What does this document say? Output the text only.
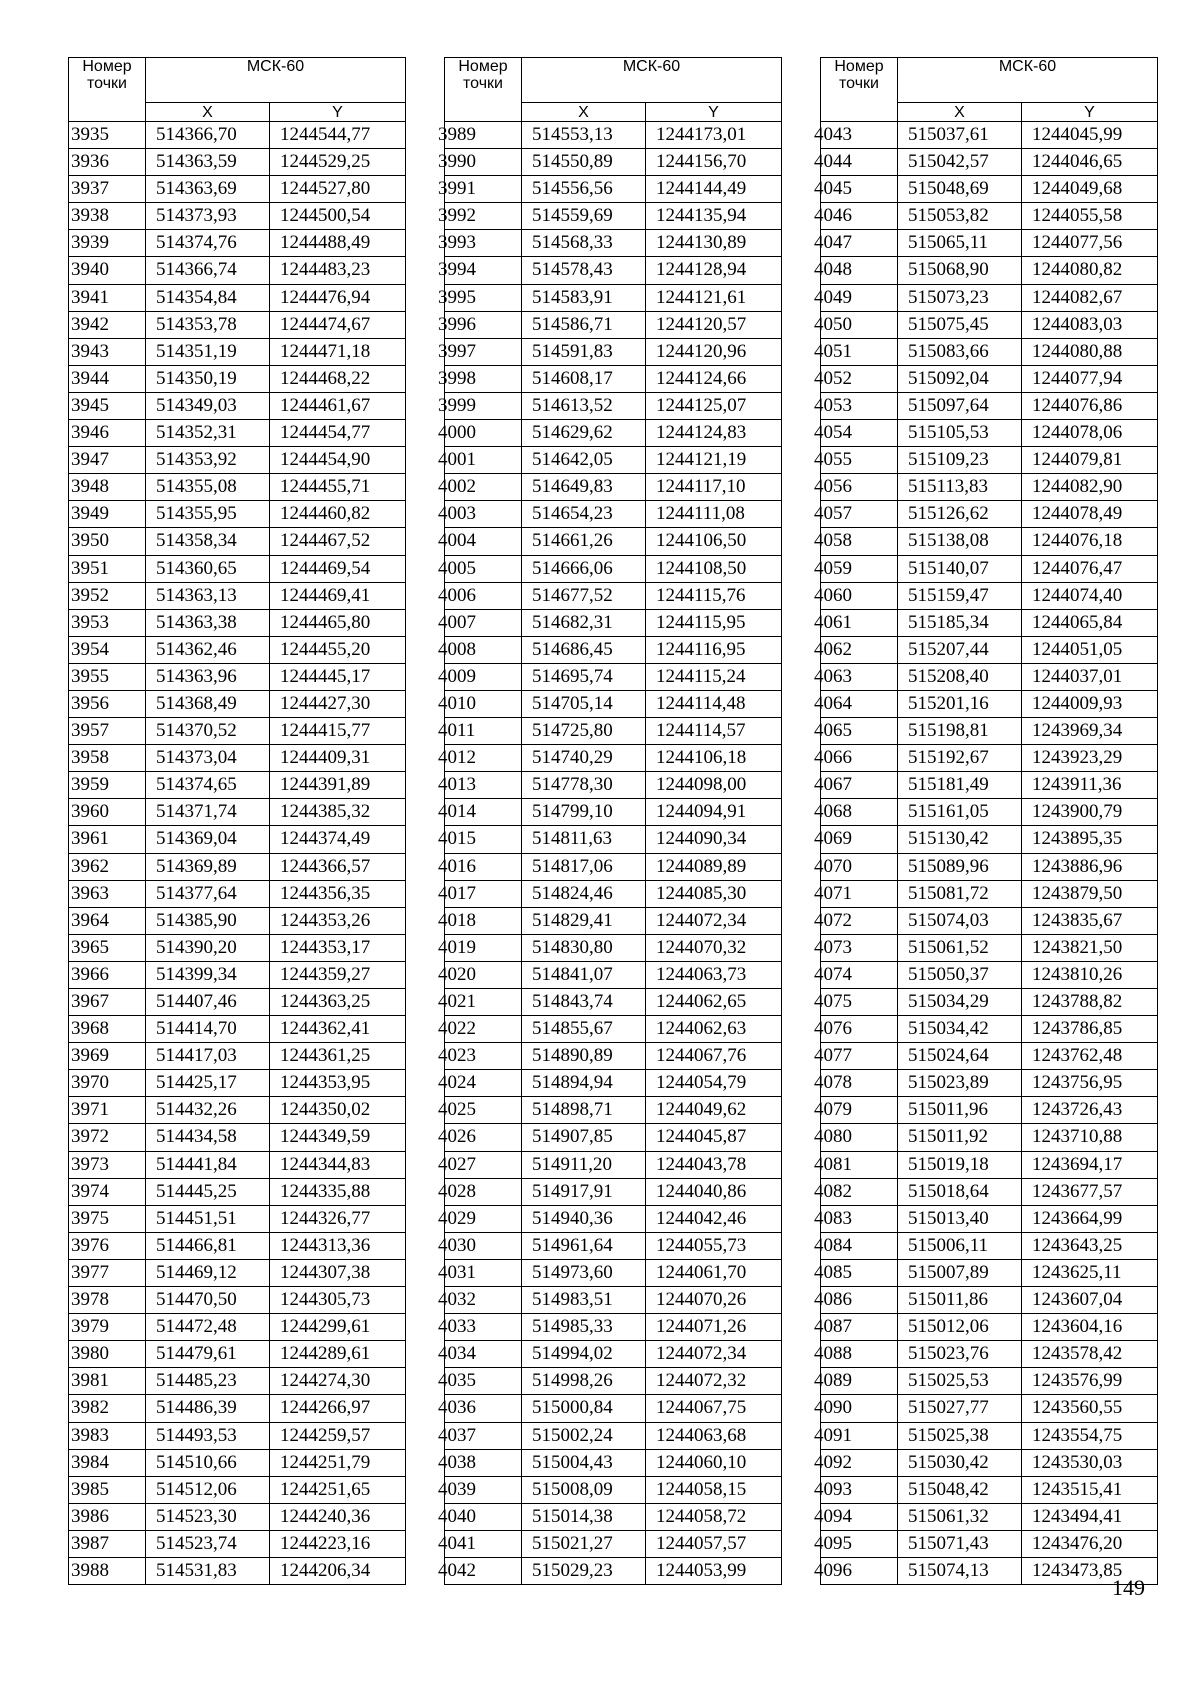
Номер точки	МСК-60	
	X	Y
3935	514366,70	1244544,77
3936	514363,59	1244529,25
3937	514363,69	1244527,80
3938	514373,93	1244500,54
3939	514374,76	1244488,49
3940	514366,74	1244483,23
3941	514354,84	1244476,94
3942	514353,78	1244474,67
3943	514351,19	1244471,18
3944	514350,19	1244468,22
3945	514349,03	1244461,67
3946	514352,31	1244454,77
3947	514353,92	1244454,90
3948	514355,08	1244455,71
3949	514355,95	1244460,82
3950	514358,34	1244467,52
3951	514360,65	1244469,54
3952	514363,13	1244469,41
3953	514363,38	1244465,80
3954	514362,46	1244455,20
3955	514363,96	1244445,17
3956	514368,49	1244427,30
3957	514370,52	1244415,77
3958	514373,04	1244409,31
3959	514374,65	1244391,89
3960	514371,74	1244385,32
3961	514369,04	1244374,49
3962	514369,89	1244366,57
3963	514377,64	1244356,35
3964	514385,90	1244353,26
3965	514390,20	1244353,17
3966	514399,34	1244359,27
3967	514407,46	1244363,25
3968	514414,70	1244362,41
3969	514417,03	1244361,25
3970	514425,17	1244353,95
3971	514432,26	1244350,02
3972	514434,58	1244349,59
3973	514441,84	1244344,83
3974	514445,25	1244335,88
3975	514451,51	1244326,77
3976	514466,81	1244313,36
3977	514469,12	1244307,38
3978	514470,50	1244305,73
3979	514472,48	1244299,61
3980	514479,61	1244289,61
3981	514485,23	1244274,30
3982	514486,39	1244266,97
3983	514493,53	1244259,57
3984	514510,66	1244251,79
3985	514512,06	1244251,65
3986	514523,30	1244240,36
3987	514523,74	1244223,16
3988	514531,83	1244206,34
Номер точки	МСК-60	
	X	Y
3989	514553,13	1244173,01
3990	514550,89	1244156,70
3991	514556,56	1244144,49
3992	514559,69	1244135,94
3993	514568,33	1244130,89
3994	514578,43	1244128,94
3995	514583,91	1244121,61
3996	514586,71	1244120,57
3997	514591,83	1244120,96
3998	514608,17	1244124,66
3999	514613,52	1244125,07
4000	514629,62	1244124,83
4001	514642,05	1244121,19
4002	514649,83	1244117,10
4003	514654,23	1244111,08
4004	514661,26	1244106,50
4005	514666,06	1244108,50
4006	514677,52	1244115,76
4007	514682,31	1244115,95
4008	514686,45	1244116,95
4009	514695,74	1244115,24
4010	514705,14	1244114,48
4011	514725,80	1244114,57
4012	514740,29	1244106,18
4013	514778,30	1244098,00
4014	514799,10	1244094,91
4015	514811,63	1244090,34
4016	514817,06	1244089,89
4017	514824,46	1244085,30
4018	514829,41	1244072,34
4019	514830,80	1244070,32
4020	514841,07	1244063,73
4021	514843,74	1244062,65
4022	514855,67	1244062,63
4023	514890,89	1244067,76
4024	514894,94	1244054,79
4025	514898,71	1244049,62
4026	514907,85	1244045,87
4027	514911,20	1244043,78
4028	514917,91	1244040,86
4029	514940,36	1244042,46
4030	514961,64	1244055,73
4031	514973,60	1244061,70
4032	514983,51	1244070,26
4033	514985,33	1244071,26
4034	514994,02	1244072,34
4035	514998,26	1244072,32
4036	515000,84	1244067,75
4037	515002,24	1244063,68
4038	515004,43	1244060,10
4039	515008,09	1244058,15
4040	515014,38	1244058,72
4041	515021,27	1244057,57
4042	515029,23	1244053,99
Номер точки	МСК-60	
	X	Y
4043	515037,61	1244045,99
4044	515042,57	1244046,65
4045	515048,69	1244049,68
4046	515053,82	1244055,58
4047	515065,11	1244077,56
4048	515068,90	1244080,82
4049	515073,23	1244082,67
4050	515075,45	1244083,03
4051	515083,66	1244080,88
4052	515092,04	1244077,94
4053	515097,64	1244076,86
4054	515105,53	1244078,06
4055	515109,23	1244079,81
4056	515113,83	1244082,90
4057	515126,62	1244078,49
4058	515138,08	1244076,18
4059	515140,07	1244076,47
4060	515159,47	1244074,40
4061	515185,34	1244065,84
4062	515207,44	1244051,05
4063	515208,40	1244037,01
4064	515201,16	1244009,93
4065	515198,81	1243969,34
4066	515192,67	1243923,29
4067	515181,49	1243911,36
4068	515161,05	1243900,79
4069	515130,42	1243895,35
4070	515089,96	1243886,96
4071	515081,72	1243879,50
4072	515074,03	1243835,67
4073	515061,52	1243821,50
4074	515050,37	1243810,26
4075	515034,29	1243788,82
4076	515034,42	1243786,85
4077	515024,64	1243762,48
4078	515023,89	1243756,95
4079	515011,96	1243726,43
4080	515011,92	1243710,88
4081	515019,18	1243694,17
4082	515018,64	1243677,57
4083	515013,40	1243664,99
4084	515006,11	1243643,25
4085	515007,89	1243625,11
4086	515011,86	1243607,04
4087	515012,06	1243604,16
4088	515023,76	1243578,42
4089	515025,53	1243576,99
4090	515027,77	1243560,55
4091	515025,38	1243554,75
4092	515030,42	1243530,03
4093	515048,42	1243515,41
4094	515061,32	1243494,41
4095	515071,43	1243476,20
4096	515074,13	1243473,85
149
